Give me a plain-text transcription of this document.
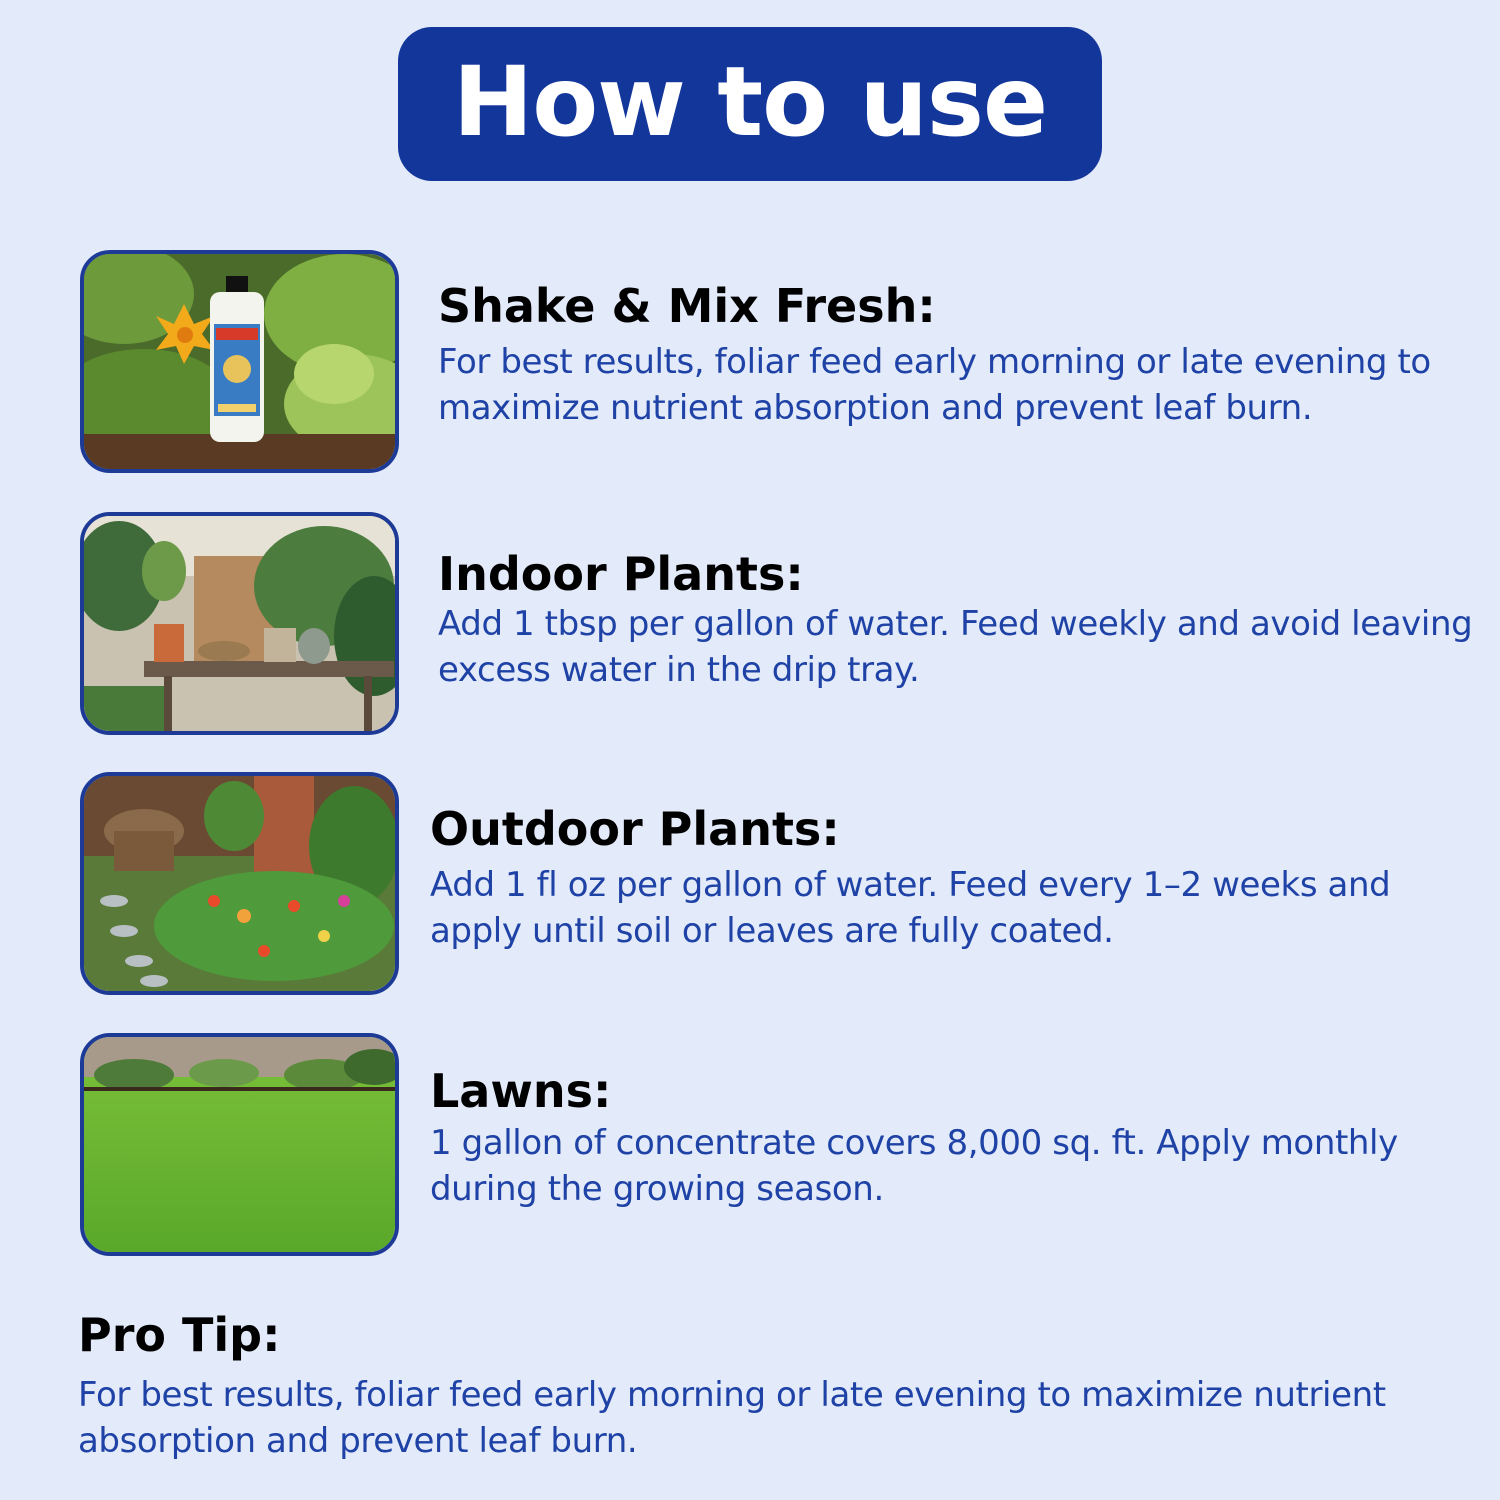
How to use
Shake & Mix Fresh:
For best results, foliar feed early morning or late evening to maximize nutrient absorption and prevent leaf burn.
Indoor Plants:
Add 1 tbsp per gallon of water. Feed weekly and avoid leaving excess water in the drip tray.
Outdoor Plants:
Add 1 fl oz per gallon of water. Feed every 1–2 weeks and apply until soil or leaves are fully coated.
Lawns:
1 gallon of concentrate covers 8,000 sq. ft. Apply monthly during the growing season.
Pro Tip:
For best results, foliar feed early morning or late evening to maximize nutrient absorption and prevent leaf burn.
